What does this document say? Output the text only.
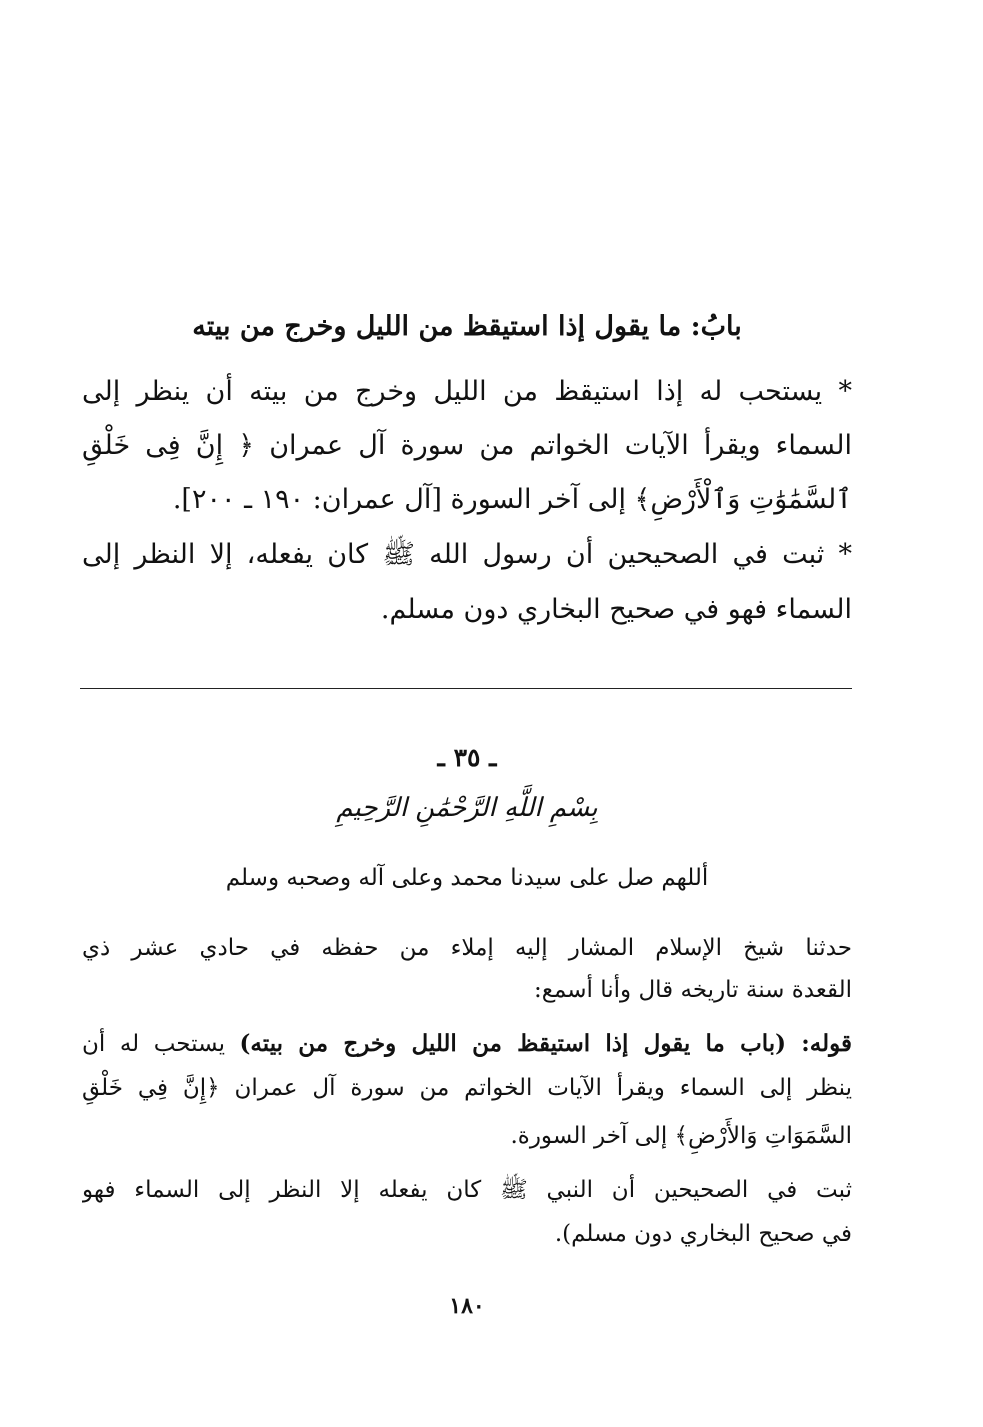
بابُ: ما يقول إذا استيقظ من الليل وخرج من بيته
* يستحب له إذا استيقظ من الليل وخرج من بيته أن ينظر إلى
السماء ويقرأ الآيات الخواتم من سورة آل عمران ﴿ إِنَّ فِى خَلْقِ
ٱلسَّمَٰوَٰتِ وَٱلْأَرْضِ﴾ إلى آخر السورة [آل عمران: ١٩٠ ـ ٢٠٠].
* ثبت في الصحيحين أن رسول الله ﷺ كان يفعله، إلا النظر إلى
السماء فهو في صحيح البخاري دون مسلم.
ـ ٣٥ ـ
بِسْمِ اللَّهِ الرَّحْمَٰنِ الرَّحِيمِ
أللهم صل على سيدنا محمد وعلى آله وصحبه وسلم
حدثنا شيخ الإسلام المشار إليه إملاء من حفظه في حادي عشر ذي
القعدة سنة تاريخه قال وأنا أسمع:
قوله: (باب ما يقول إذا استيقظ من الليل وخرج من بيته) يستحب له أن
ينظر إلى السماء ويقرأ الآيات الخواتم من سورة آل عمران ﴿إِنَّ فِي خَلْقِ
السَّمَوَاتِ وَالأَرْضِ﴾ إلى آخر السورة.
ثبت في الصحيحين أن النبي ﷺ كان يفعله إلا النظر إلى السماء فهو
في صحيح البخاري دون مسلم).
١٨٠
